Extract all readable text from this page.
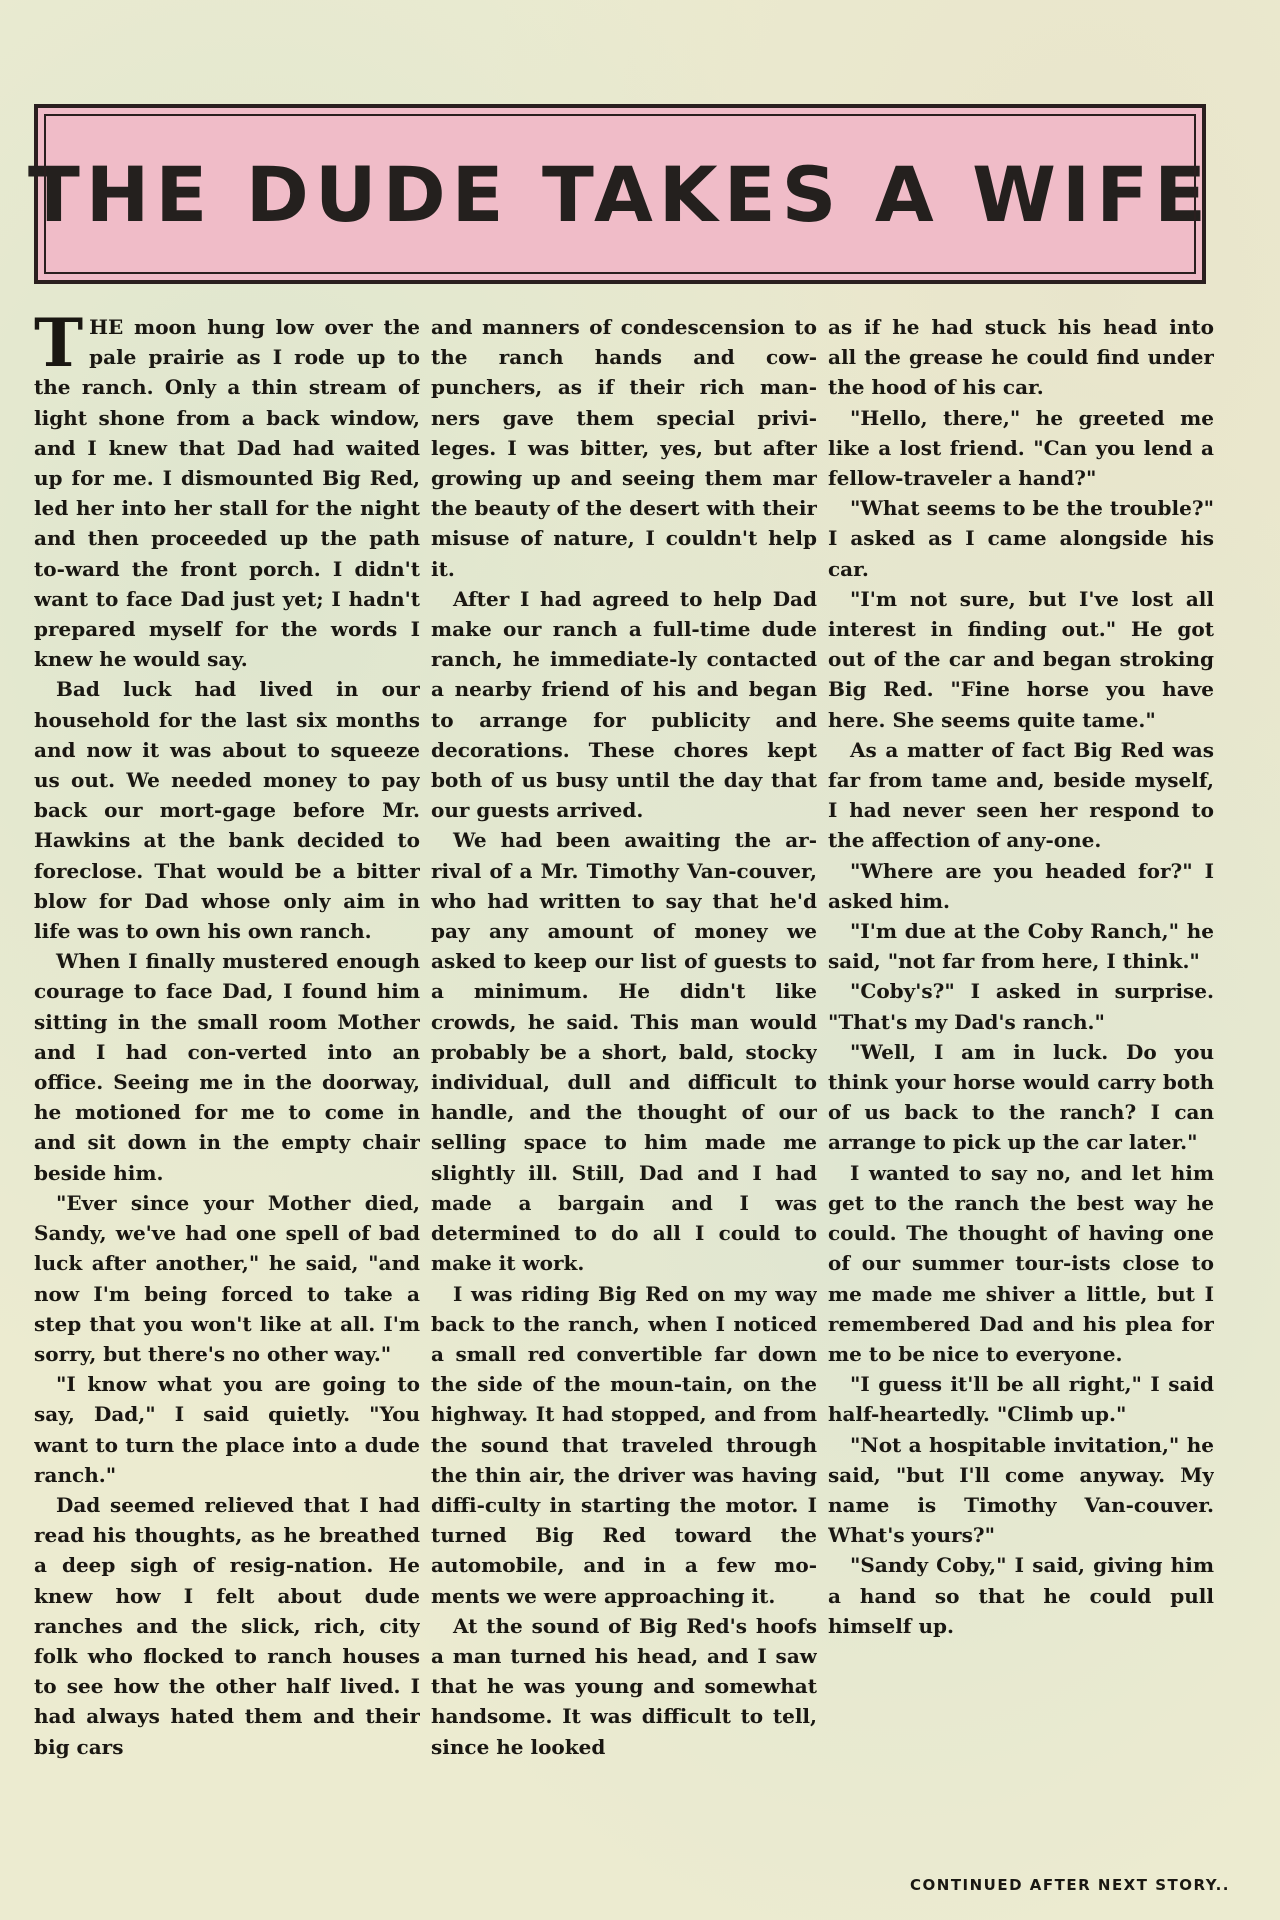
THE DUDE TAKES A WIFE

THE moon hung low over the pale prairie as I rode up to the ranch. Only a thin stream of light shone from a back window, and I knew that Dad had waited up for me. I dismounted Big Red, led her into her stall for the night and then proceeded up the path to-ward the front porch. I didn't want to face Dad just yet; I hadn't prepared myself for the words I knew he would say.

Bad luck had lived in our household for the last six months and now it was about to squeeze us out. We needed money to pay back our mort-gage before Mr. Hawkins at the bank decided to foreclose. That would be a bitter blow for Dad whose only aim in life was to own his own ranch.

When I finally mustered enough courage to face Dad, I found him sitting in the small room Mother and I had con-verted into an office. Seeing me in the doorway, he motioned for me to come in and sit down in the empty chair beside him.

"Ever since your Mother died, Sandy, we've had one spell of bad luck after another," he said, "and now I'm being forced to take a step that you won't like at all. I'm sorry, but there's no other way."

"I know what you are going to say, Dad," I said quietly. "You want to turn the place into a dude ranch."

Dad seemed relieved that I had read his thoughts, as he breathed a deep sigh of resig-nation. He knew how I felt about dude ranches and the slick, rich, city folk who flocked to ranch houses to see how the other half lived. I had always hated them and their big cars

and manners of condescension to the ranch hands and cow-punchers, as if their rich man-ners gave them special privi-leges. I was bitter, yes, but after growing up and seeing them mar the beauty of the desert with their misuse of nature, I couldn't help it.

After I had agreed to help Dad make our ranch a full-time dude ranch, he immediate-ly contacted a nearby friend of his and began to arrange for publicity and decorations. These chores kept both of us busy until the day that our guests arrived.

We had been awaiting the ar-rival of a Mr. Timothy Van-couver, who had written to say that he'd pay any amount of money we asked to keep our list of guests to a minimum. He didn't like crowds, he said. This man would probably be a short, bald, stocky individual, dull and difficult to handle, and the thought of our selling space to him made me slightly ill. Still, Dad and I had made a bargain and I was determined to do all I could to make it work.

I was riding Big Red on my way back to the ranch, when I noticed a small red convertible far down the side of the moun-tain, on the highway. It had stopped, and from the sound that traveled through the thin air, the driver was having diffi-culty in starting the motor. I turned Big Red toward the automobile, and in a few mo-ments we were approaching it.

At the sound of Big Red's hoofs a man turned his head, and I saw that he was young and somewhat handsome. It was difficult to tell, since he looked

as if he had stuck his head into all the grease he could find under the hood of his car.

"Hello, there," he greeted me like a lost friend. "Can you lend a fellow-traveler a hand?"

"What seems to be the trouble?" I asked as I came alongside his car.

"I'm not sure, but I've lost all interest in finding out." He got out of the car and began stroking Big Red. "Fine horse you have here. She seems quite tame."

As a matter of fact Big Red was far from tame and, beside myself, I had never seen her respond to the affection of any-one.

"Where are you headed for?" I asked him.

"I'm due at the Coby Ranch," he said, "not far from here, I think."

"Coby's?" I asked in surprise. "That's my Dad's ranch."

"Well, I am in luck. Do you think your horse would carry both of us back to the ranch? I can arrange to pick up the car later."

I wanted to say no, and let him get to the ranch the best way he could. The thought of having one of our summer tour-ists close to me made me shiver a little, but I remembered Dad and his plea for me to be nice to everyone.

"I guess it'll be all right," I said half-heartedly. "Climb up."

"Not a hospitable invitation," he said, "but I'll come anyway. My name is Timothy Van-couver. What's yours?"

"Sandy Coby," I said, giving him a hand so that he could pull himself up.

CONTINUED AFTER NEXT STORY..
